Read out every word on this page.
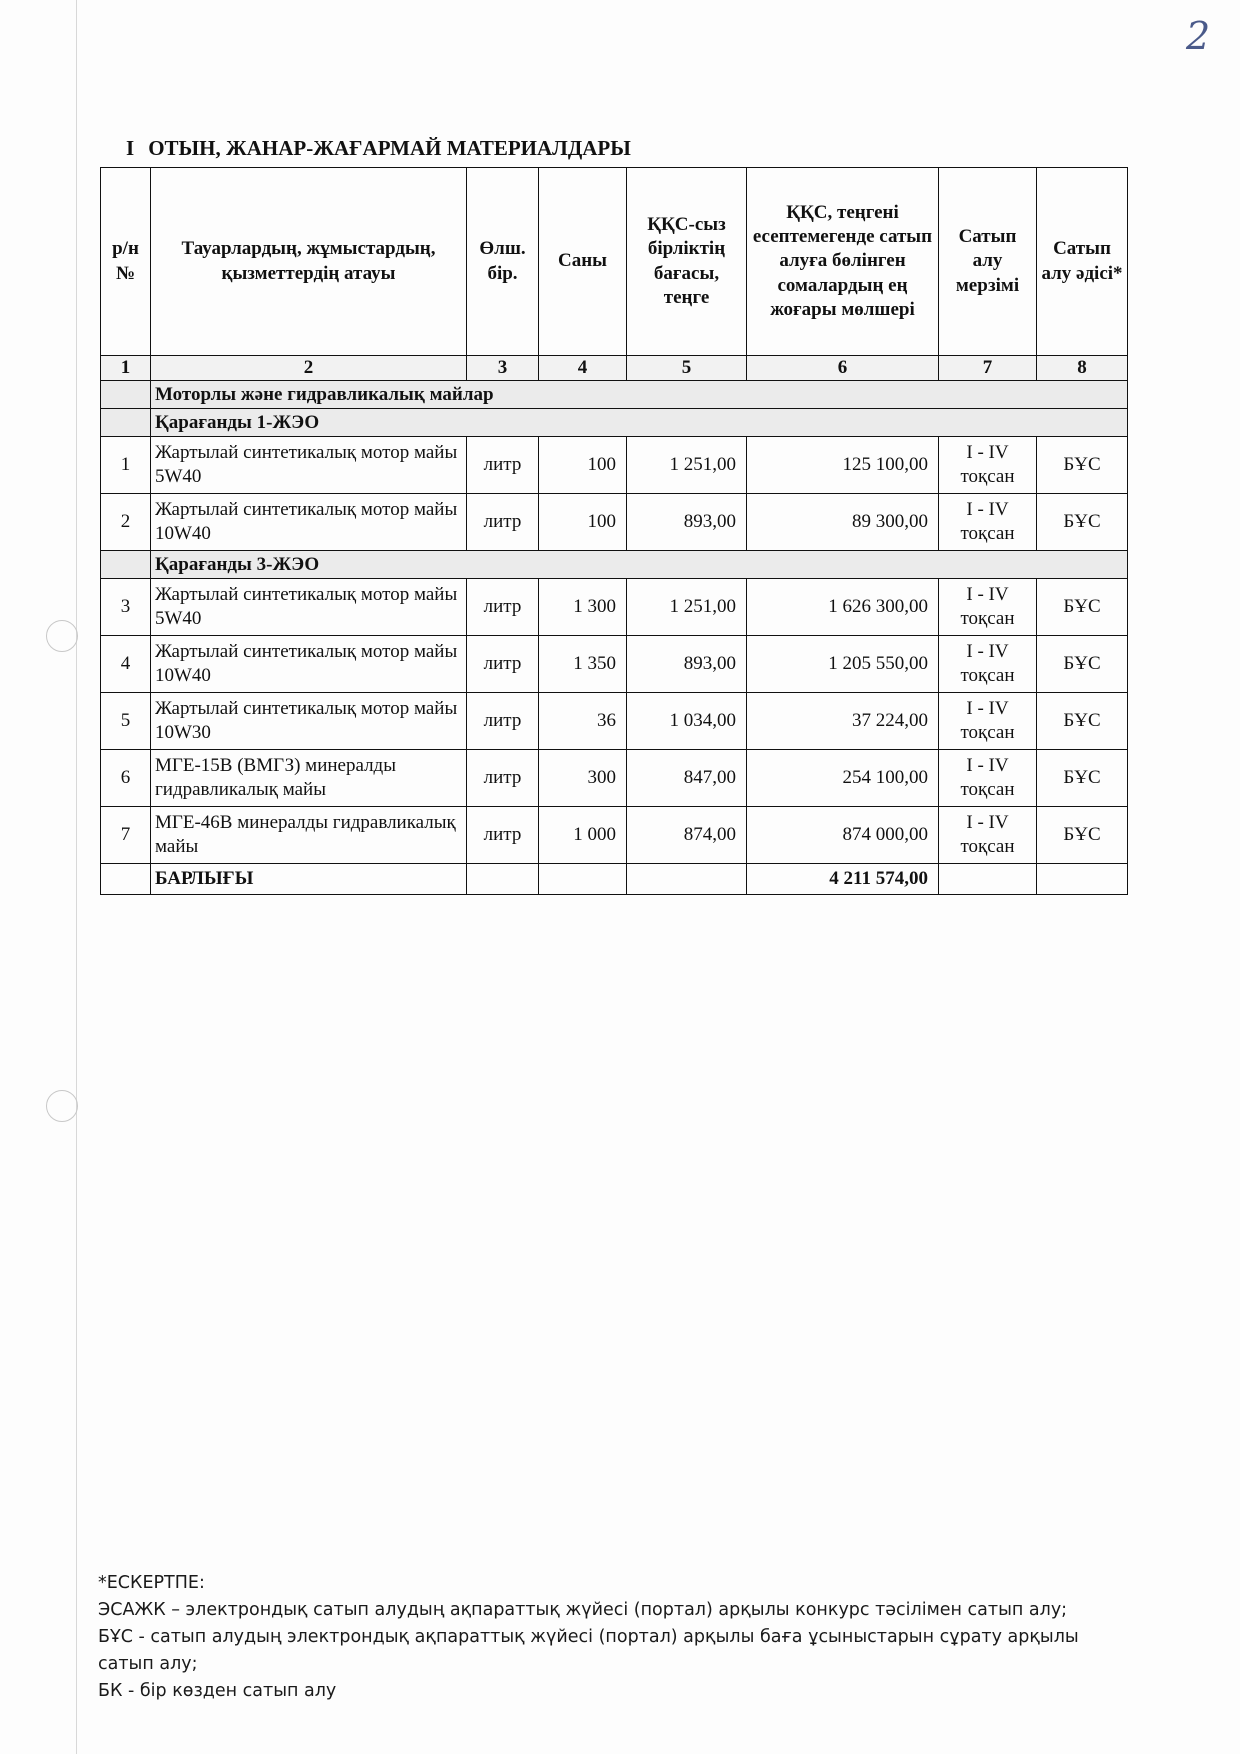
2
I ОТЫН, ЖАНАР-ЖАҒАРМАЙ МАТЕРИАЛДАРЫ
р/н №	Тауарлардың, жұмыстардың, қызметтердің атауы	Өлш. бір.	Саны	ҚҚС-сыз бірліктің бағасы, теңге	ҚҚС, теңгені есептемегенде сатып алуға бөлінген сомалардың ең жоғары мөлшері	Сатып алу мерзімі	Сатып алу әдісі*
1	2	3	4	5	6	7	8
	Моторлы және гидравликалық майлар						
	Қарағанды 1-ЖЭО						
1	Жартылай синтетикалық мотор майы 5W40	литр	100	1 251,00	125 100,00	I - IV тоқсан	БҰС
2	Жартылай синтетикалық мотор майы 10W40	литр	100	893,00	89 300,00	I - IV тоқсан	БҰС
	Қарағанды 3-ЖЭО						
3	Жартылай синтетикалық мотор майы 5W40	литр	1 300	1 251,00	1 626 300,00	I - IV тоқсан	БҰС
4	Жартылай синтетикалық мотор майы 10W40	литр	1 350	893,00	1 205 550,00	I - IV тоқсан	БҰС
5	Жартылай синтетикалық мотор майы 10W30	литр	36	1 034,00	37 224,00	I - IV тоқсан	БҰС
6	МГЕ-15В (ВМГЗ) минералды гидравликалық майы	литр	300	847,00	254 100,00	I - IV тоқсан	БҰС
7	МГЕ-46В минералды гидравликалық майы	литр	1 000	874,00	874 000,00	I - IV тоқсан	БҰС
	БАРЛЫҒЫ				4 211 574,00		

*ЕСКЕРТПЕ:

ЭСАЖК – электрондық сатып алудың ақпараттық жүйесі (портал) арқылы конкурс тәсілімен сатып алу;

БҰС - сатып алудың электрондық ақпараттық жүйесі (портал) арқылы баға ұсыныстарын сұрату арқылы сатып алу;

БК - бір көзден сатып алу
